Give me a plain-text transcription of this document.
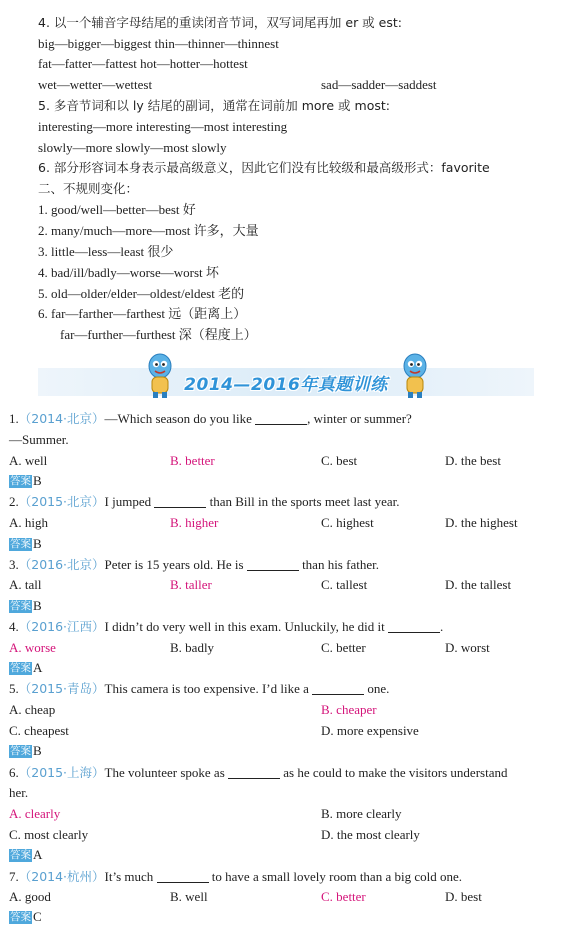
4. 以一个辅音字母结尾的重读闭音节词，双写词尾再加 er 或 est:
big—bigger—biggest thin—thinner—thinnest
fat—fatter—fattest hot—hotter—hottest
wet—wetter—wettest	sad—sadder—saddest
5. 多音节词和以 ly 结尾的副词，通常在词前加 more 或 most:
interesting—more interesting—most interesting
slowly—more slowly—most slowly
6. 部分形容词本身表示最高级意义，因此它们没有比较级和最高级形式：favorite
二、不规则变化：
1. good/well—better—best 好
2. many/much—more—most 许多，大量
3. little—less—least 很少
4. bad/ill/badly—worse—worst 坏
5. old—older/elder—oldest/eldest 老的
6. far—farther—farthest 远（距离上）
far—further—furthest 深（程度上）
2014—2016年真题训练
1.（2014·北京）—Which season do you like	, winter or summer?
—Summer.
A. well	B. better	C. best	D. the best
答案 B
2.（2015·北京）I jumped	than Bill in the sports meet last year.
A. high	B. higher	C. highest	D. the highest
答案 B
3.（2016·北京）Peter is 15 years old. He is	than his father.
A. tall	B. taller	C. tallest	D. the tallest
答案 B
4.（2016·江西）I didn’t do very well in this exam. Unluckily, he did it	.
A. worse	B. badly	C. better	D. worst
答案 A
5.（2015·青岛）This camera is too expensive. I’d like a	one.
A. cheap	B. cheaper
C. cheapest	D. more expensive
答案 B
6.（2015·上海）The volunteer spoke as	as he could to make the visitors understand
her.
A. clearly	B. more clearly
C. most clearly	D. the most clearly
答案 A
7.（2014·杭州）It’s much	to have a small lovely room than a big cold one.
A. good	B. well	C. better	D. best
答案 C
